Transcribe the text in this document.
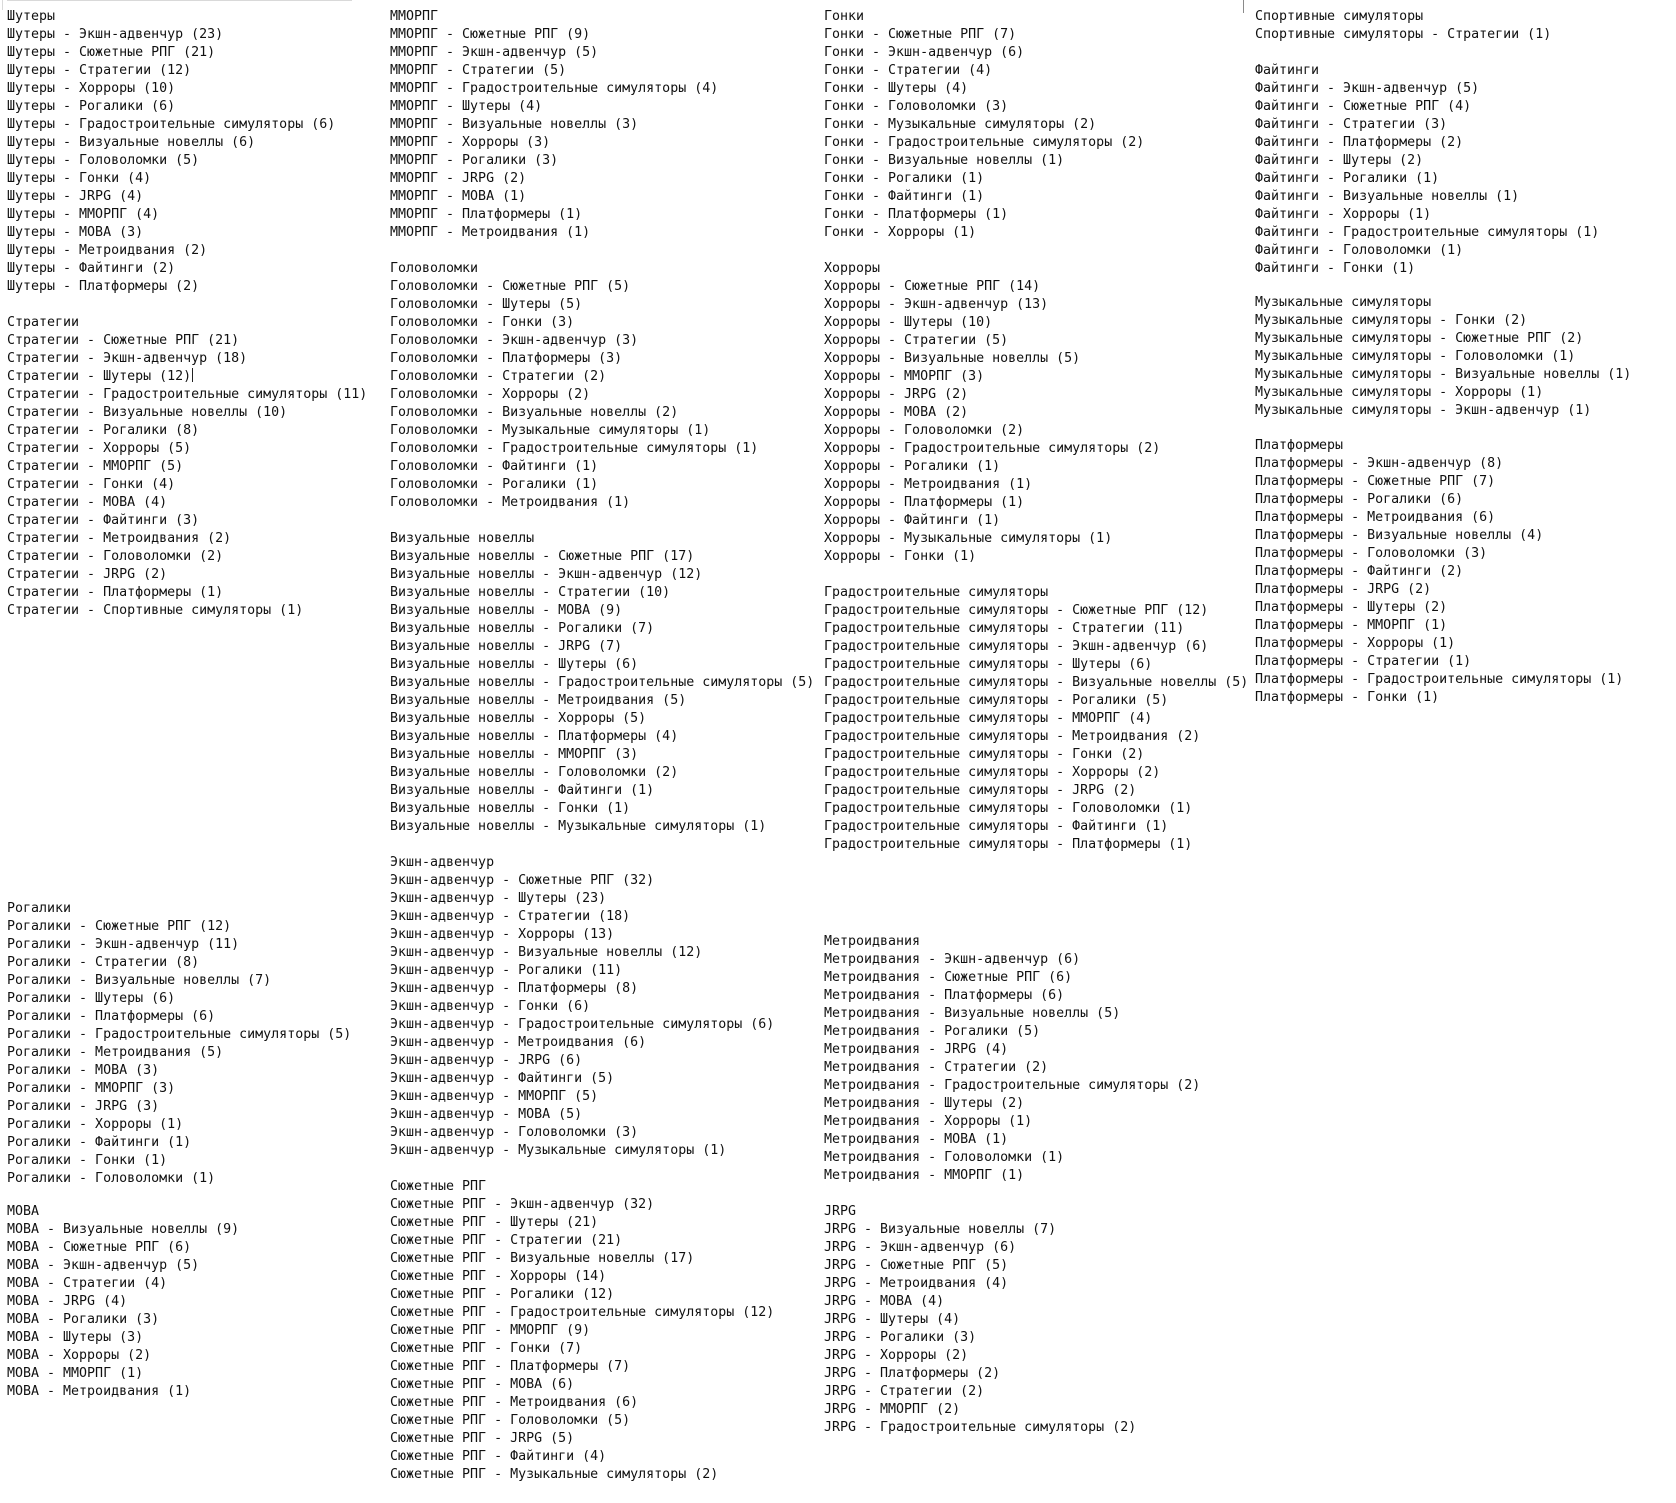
Шутеры
Шутеры - Экшн-адвенчур (23)
Шутеры - Сюжетные РПГ (21)
Шутеры - Стратегии (12)
Шутеры - Хорроры (10)
Шутеры - Рогалики (6)
Шутеры - Градостроительные симуляторы (6)
Шутеры - Визуальные новеллы (6)
Шутеры - Головоломки (5)
Шутеры - Гонки (4)
Шутеры - JRPG (4)
Шутеры - ММОРПГ (4)
Шутеры - MOBA (3)
Шутеры - Метроидвания (2)
Шутеры - Файтинги (2)
Шутеры - Платформеры (2)
Стратегии
Стратегии - Сюжетные РПГ (21)
Стратегии - Экшн-адвенчур (18)
Стратегии - Шутеры (12)
Стратегии - Градостроительные симуляторы (11)
Стратегии - Визуальные новеллы (10)
Стратегии - Рогалики (8)
Стратегии - Хорроры (5)
Стратегии - ММОРПГ (5)
Стратегии - Гонки (4)
Стратегии - MOBA (4)
Стратегии - Файтинги (3)
Стратегии - Метроидвания (2)
Стратегии - Головоломки (2)
Стратегии - JRPG (2)
Стратегии - Платформеры (1)
Стратегии - Спортивные симуляторы (1)
Рогалики
Рогалики - Сюжетные РПГ (12)
Рогалики - Экшн-адвенчур (11)
Рогалики - Стратегии (8)
Рогалики - Визуальные новеллы (7)
Рогалики - Шутеры (6)
Рогалики - Платформеры (6)
Рогалики - Градостроительные симуляторы (5)
Рогалики - Метроидвания (5)
Рогалики - MOBA (3)
Рогалики - ММОРПГ (3)
Рогалики - JRPG (3)
Рогалики - Хорроры (1)
Рогалики - Файтинги (1)
Рогалики - Гонки (1)
Рогалики - Головоломки (1)
MOBA
MOBA - Визуальные новеллы (9)
MOBA - Сюжетные РПГ (6)
MOBA - Экшн-адвенчур (5)
MOBA - Стратегии (4)
MOBA - JRPG (4)
MOBA - Рогалики (3)
MOBA - Шутеры (3)
MOBA - Хорроры (2)
MOBA - ММОРПГ (1)
MOBA - Метроидвания (1)
ММОРПГ
ММОРПГ - Сюжетные РПГ (9)
ММОРПГ - Экшн-адвенчур (5)
ММОРПГ - Стратегии (5)
ММОРПГ - Градостроительные симуляторы (4)
ММОРПГ - Шутеры (4)
ММОРПГ - Визуальные новеллы (3)
ММОРПГ - Хорроры (3)
ММОРПГ - Рогалики (3)
ММОРПГ - JRPG (2)
ММОРПГ - MOBA (1)
ММОРПГ - Платформеры (1)
ММОРПГ - Метроидвания (1)
Головоломки
Головоломки - Сюжетные РПГ (5)
Головоломки - Шутеры (5)
Головоломки - Гонки (3)
Головоломки - Экшн-адвенчур (3)
Головоломки - Платформеры (3)
Головоломки - Стратегии (2)
Головоломки - Хорроры (2)
Головоломки - Визуальные новеллы (2)
Головоломки - Музыкальные симуляторы (1)
Головоломки - Градостроительные симуляторы (1)
Головоломки - Файтинги (1)
Головоломки - Рогалики (1)
Головоломки - Метроидвания (1)
Визуальные новеллы
Визуальные новеллы - Сюжетные РПГ (17)
Визуальные новеллы - Экшн-адвенчур (12)
Визуальные новеллы - Стратегии (10)
Визуальные новеллы - MOBA (9)
Визуальные новеллы - Рогалики (7)
Визуальные новеллы - JRPG (7)
Визуальные новеллы - Шутеры (6)
Визуальные новеллы - Градостроительные симуляторы (5)
Визуальные новеллы - Метроидвания (5)
Визуальные новеллы - Хорроры (5)
Визуальные новеллы - Платформеры (4)
Визуальные новеллы - ММОРПГ (3)
Визуальные новеллы - Головоломки (2)
Визуальные новеллы - Файтинги (1)
Визуальные новеллы - Гонки (1)
Визуальные новеллы - Музыкальные симуляторы (1)
Экшн-адвенчур
Экшн-адвенчур - Сюжетные РПГ (32)
Экшн-адвенчур - Шутеры (23)
Экшн-адвенчур - Стратегии (18)
Экшн-адвенчур - Хорроры (13)
Экшн-адвенчур - Визуальные новеллы (12)
Экшн-адвенчур - Рогалики (11)
Экшн-адвенчур - Платформеры (8)
Экшн-адвенчур - Гонки (6)
Экшн-адвенчур - Градостроительные симуляторы (6)
Экшн-адвенчур - Метроидвания (6)
Экшн-адвенчур - JRPG (6)
Экшн-адвенчур - Файтинги (5)
Экшн-адвенчур - ММОРПГ (5)
Экшн-адвенчур - MOBA (5)
Экшн-адвенчур - Головоломки (3)
Экшн-адвенчур - Музыкальные симуляторы (1)
Сюжетные РПГ
Сюжетные РПГ - Экшн-адвенчур (32)
Сюжетные РПГ - Шутеры (21)
Сюжетные РПГ - Стратегии (21)
Сюжетные РПГ - Визуальные новеллы (17)
Сюжетные РПГ - Хорроры (14)
Сюжетные РПГ - Рогалики (12)
Сюжетные РПГ - Градостроительные симуляторы (12)
Сюжетные РПГ - ММОРПГ (9)
Сюжетные РПГ - Гонки (7)
Сюжетные РПГ - Платформеры (7)
Сюжетные РПГ - MOBA (6)
Сюжетные РПГ - Метроидвания (6)
Сюжетные РПГ - Головоломки (5)
Сюжетные РПГ - JRPG (5)
Сюжетные РПГ - Файтинги (4)
Сюжетные РПГ - Музыкальные симуляторы (2)
Гонки
Гонки - Сюжетные РПГ (7)
Гонки - Экшн-адвенчур (6)
Гонки - Стратегии (4)
Гонки - Шутеры (4)
Гонки - Головоломки (3)
Гонки - Музыкальные симуляторы (2)
Гонки - Градостроительные симуляторы (2)
Гонки - Визуальные новеллы (1)
Гонки - Рогалики (1)
Гонки - Файтинги (1)
Гонки - Платформеры (1)
Гонки - Хорроры (1)
Хорроры
Хорроры - Сюжетные РПГ (14)
Хорроры - Экшн-адвенчур (13)
Хорроры - Шутеры (10)
Хорроры - Стратегии (5)
Хорроры - Визуальные новеллы (5)
Хорроры - ММОРПГ (3)
Хорроры - JRPG (2)
Хорроры - MOBA (2)
Хорроры - Головоломки (2)
Хорроры - Градостроительные симуляторы (2)
Хорроры - Рогалики (1)
Хорроры - Метроидвания (1)
Хорроры - Платформеры (1)
Хорроры - Файтинги (1)
Хорроры - Музыкальные симуляторы (1)
Хорроры - Гонки (1)
Градостроительные симуляторы
Градостроительные симуляторы - Сюжетные РПГ (12)
Градостроительные симуляторы - Стратегии (11)
Градостроительные симуляторы - Экшн-адвенчур (6)
Градостроительные симуляторы - Шутеры (6)
Градостроительные симуляторы - Визуальные новеллы (5)
Градостроительные симуляторы - Рогалики (5)
Градостроительные симуляторы - ММОРПГ (4)
Градостроительные симуляторы - Метроидвания (2)
Градостроительные симуляторы - Гонки (2)
Градостроительные симуляторы - Хорроры (2)
Градостроительные симуляторы - JRPG (2)
Градостроительные симуляторы - Головоломки (1)
Градостроительные симуляторы - Файтинги (1)
Градостроительные симуляторы - Платформеры (1)
Метроидвания
Метроидвания - Экшн-адвенчур (6)
Метроидвания - Сюжетные РПГ (6)
Метроидвания - Платформеры (6)
Метроидвания - Визуальные новеллы (5)
Метроидвания - Рогалики (5)
Метроидвания - JRPG (4)
Метроидвания - Стратегии (2)
Метроидвания - Градостроительные симуляторы (2)
Метроидвания - Шутеры (2)
Метроидвания - Хорроры (1)
Метроидвания - MOBA (1)
Метроидвания - Головоломки (1)
Метроидвания - ММОРПГ (1)
JRPG
JRPG - Визуальные новеллы (7)
JRPG - Экшн-адвенчур (6)
JRPG - Сюжетные РПГ (5)
JRPG - Метроидвания (4)
JRPG - MOBA (4)
JRPG - Шутеры (4)
JRPG - Рогалики (3)
JRPG - Хорроры (2)
JRPG - Платформеры (2)
JRPG - Стратегии (2)
JRPG - ММОРПГ (2)
JRPG - Градостроительные симуляторы (2)
Спортивные симуляторы
Спортивные симуляторы - Стратегии (1)
Файтинги
Файтинги - Экшн-адвенчур (5)
Файтинги - Сюжетные РПГ (4)
Файтинги - Стратегии (3)
Файтинги - Платформеры (2)
Файтинги - Шутеры (2)
Файтинги - Рогалики (1)
Файтинги - Визуальные новеллы (1)
Файтинги - Хорроры (1)
Файтинги - Градостроительные симуляторы (1)
Файтинги - Головоломки (1)
Файтинги - Гонки (1)
Музыкальные симуляторы
Музыкальные симуляторы - Гонки (2)
Музыкальные симуляторы - Сюжетные РПГ (2)
Музыкальные симуляторы - Головоломки (1)
Музыкальные симуляторы - Визуальные новеллы (1)
Музыкальные симуляторы - Хорроры (1)
Музыкальные симуляторы - Экшн-адвенчур (1)
Платформеры
Платформеры - Экшн-адвенчур (8)
Платформеры - Сюжетные РПГ (7)
Платформеры - Рогалики (6)
Платформеры - Метроидвания (6)
Платформеры - Визуальные новеллы (4)
Платформеры - Головоломки (3)
Платформеры - Файтинги (2)
Платформеры - JRPG (2)
Платформеры - Шутеры (2)
Платформеры - ММОРПГ (1)
Платформеры - Хорроры (1)
Платформеры - Стратегии (1)
Платформеры - Градостроительные симуляторы (1)
Платформеры - Гонки (1)
